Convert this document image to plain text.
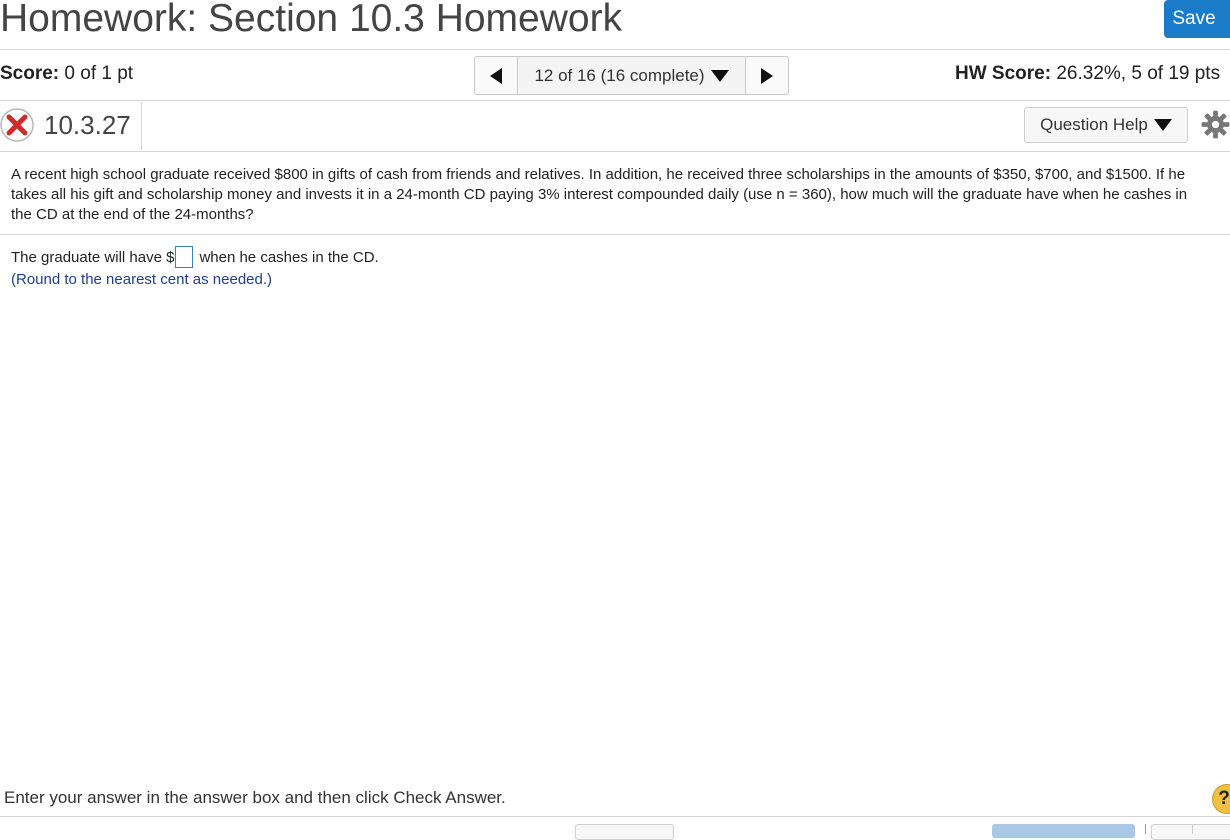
Homework: Section 10.3 Homework	Save
Score: 0 of 1 pt	12 of 16 (16 complete)	HW Score: 26.32%, 5 of 19 pts
10.3.27	Question Help
A recent high school graduate received $800 in gifts of cash from friends and relatives. In addition, he received three scholarships in the amounts of $350, $700, and $1500. If he takes all his gift and scholarship money and invests it in a 24-month CD paying 3% interest compounded daily (use n = 360), how much will the graduate have when he cashes in the CD at the end of the 24-months?
The graduate will have $ when he cashes in the CD.
(Round to the nearest cent as needed.)
Enter your answer in the answer box and then click Check Answer.	?
